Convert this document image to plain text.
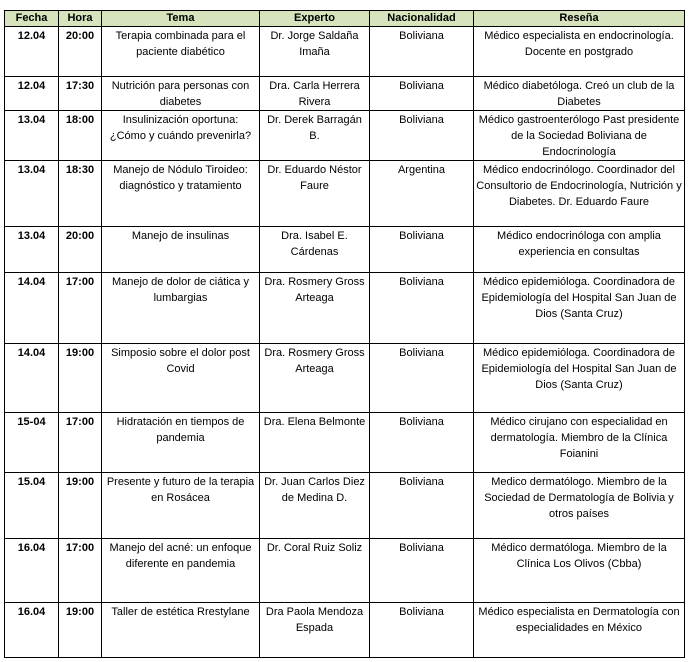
Fecha	Hora	Tema	Experto	Nacionalidad	Reseña
12.04	20:00	Terapia combinada para el paciente diabético	Dr. Jorge Saldaña Imaña	Boliviana	Médico especialista en endocrinología. Docente en postgrado
12.04	17:30	Nutrición para personas con diabetes	Dra. Carla Herrera Rivera	Boliviana	Médico diabetóloga. Creó un club de la Diabetes
13.04	18:00	Insulinización oportuna: ¿Cómo y cuándo prevenirla?	Dr. Derek Barragán B.	Boliviana	Médico gastroenterólogo Past presidente de la Sociedad Boliviana de Endocrinología
13.04	18:30	Manejo de Nódulo Tiroideo: diagnóstico y tratamiento	Dr. Eduardo Néstor Faure	Argentina	Médico endocrinólogo. Coordinador del Consultorio de Endocrinología, Nutrición y Diabetes. Dr. Eduardo Faure
13.04	20:00	Manejo de insulinas	Dra. Isabel E. Cárdenas	Boliviana	Médico endocrinóloga con amplia experiencia en consultas
14.04	17:00	Manejo de dolor de ciática y lumbargias	Dra. Rosmery Gross Arteaga	Boliviana	Médico epidemióloga. Coordinadora de Epidemiología del Hospital San Juan de Dios (Santa Cruz)
14.04	19:00	Simposio sobre el dolor post Covid	Dra. Rosmery Gross Arteaga	Boliviana	Médico epidemióloga. Coordinadora de Epidemiología del Hospital San Juan de Dios (Santa Cruz)
15-04	17:00	Hidratación en tiempos de pandemia	Dra. Elena Belmonte	Boliviana	Médico cirujano con especialidad en dermatología. Miembro de la Clínica Foianini
15.04	19:00	Presente y futuro de la terapia en Rosácea	Dr. Juan Carlos Diez de Medina D.	Boliviana	Medico dermatólogo. Miembro de la Sociedad de Dermatología de Bolivia y otros países
16.04	17:00	Manejo del acné: un enfoque diferente en pandemia	Dr. Coral Ruiz Soliz	Boliviana	Médico dermatóloga. Miembro de la Clínica Los Olivos (Cbba)
16.04	19:00	Taller de estética Rrestylane	Dra Paola Mendoza Espada	Boliviana	Médico especialista en Dermatología con especialidades en México
